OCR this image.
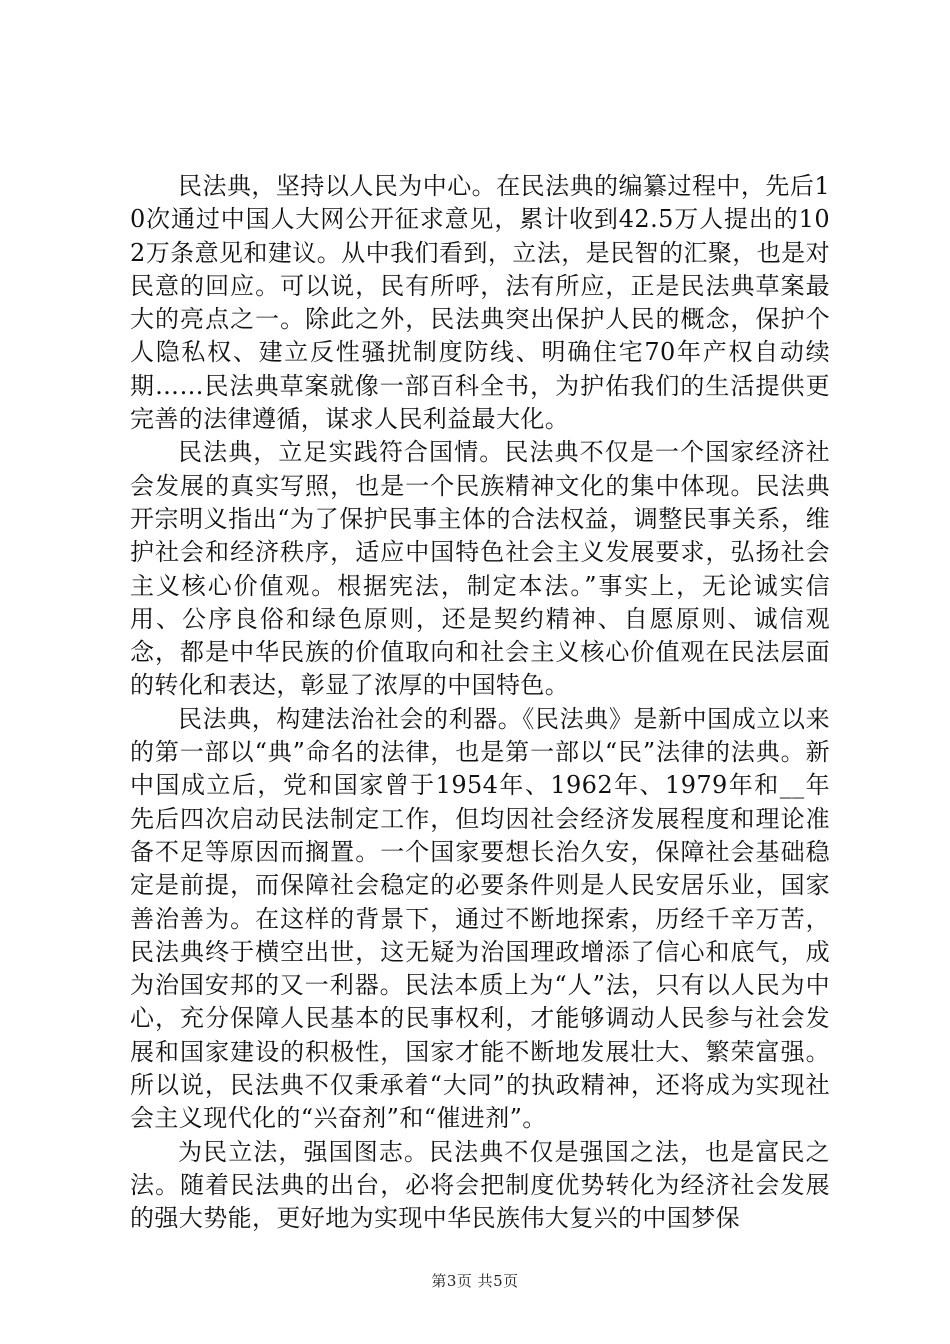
民法典，坚持以人民为中心。在民法典的编纂过程中，先后10次通过中国人大网公开征求意见，累计收到42.5万人提出的102万条意见和建议。从中我们看到，立法，是民智的汇聚，也是对民意的回应。可以说，民有所呼，法有所应，正是民法典草案最大的亮点之一。除此之外，民法典突出保护人民的概念，保护个人隐私权、建立反性骚扰制度防线、明确住宅70年产权自动续期……民法典草案就像一部百科全书，为护佑我们的生活提供更完善的法律遵循，谋求人民利益最大化。

民法典，立足实践符合国情。民法典不仅是一个国家经济社会发展的真实写照，也是一个民族精神文化的集中体现。民法典开宗明义指出“为了保护民事主体的合法权益，调整民事关系，维护社会和经济秩序，适应中国特色社会主义发展要求，弘扬社会主义核心价值观。根据宪法，制定本法。”事实上，无论诚实信用、公序良俗和绿色原则，还是契约精神、自愿原则、诚信观念，都是中华民族的价值取向和社会主义核心价值观在民法层面的转化和表达，彰显了浓厚的中国特色。

民法典，构建法治社会的利器。《民法典》是新中国成立以来的第一部以“典”命名的法律，也是第一部以“民”法律的法典。新中国成立后，党和国家曾于1954年、1962年、1979年和__年先后四次启动民法制定工作，但均因社会经济发展程度和理论准备不足等原因而搁置。一个国家要想长治久安，保障社会基础稳定是前提，而保障社会稳定的必要条件则是人民安居乐业，国家善治善为。在这样的背景下，通过不断地探索，历经千辛万苦，民法典终于横空出世，这无疑为治国理政增添了信心和底气，成为治国安邦的又一利器。民法本质上为“人”法，只有以人民为中心，充分保障人民基本的民事权利，才能够调动人民参与社会发展和国家建设的积极性，国家才能不断地发展壮大、繁荣富强。所以说，民法典不仅秉承着“大同”的执政精神，还将成为实现社会主义现代化的“兴奋剂”和“催进剂”。

为民立法，强国图志。民法典不仅是强国之法，也是富民之法。随着民法典的出台，必将会把制度优势转化为经济社会发展的强大势能，更好地为实现中华民族伟大复兴的中国梦保

第3页 共5页
